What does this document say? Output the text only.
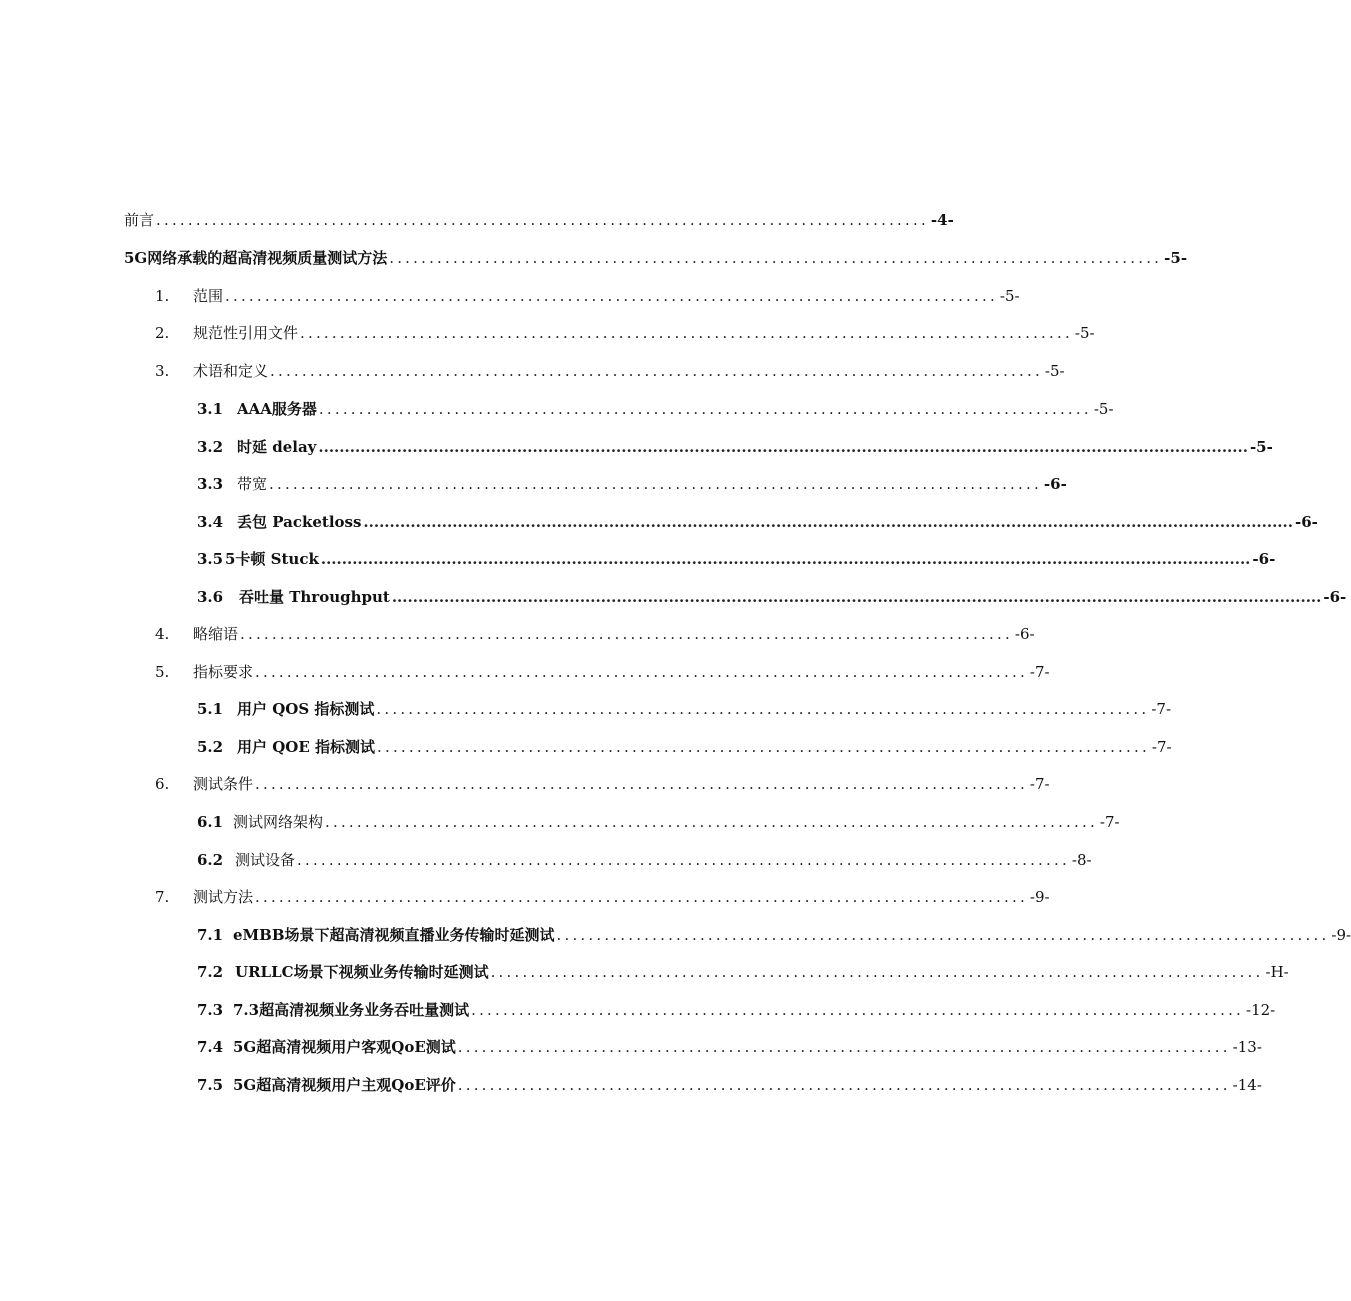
前言 ................................................................................................. -4-
5G网络承载的超高清视频质量测试方法 ................................................................................................. -5-
1.	范围 ................................................................................................. -5-
2.	规范性引用文件 ................................................................................................. -5-
3.	术语和定义 ................................................................................................. -5-
3.1 AAA服务器 ................................................................................................. -5-
3.2 时延 delay .................................................................................................................................................................................. -5-
3.3 带宽 ................................................................................................. -6-
3.4 丢包 Packetloss .................................................................................................................................................................................. -6-
3.5 5卡顿 Stuck .................................................................................................................................................................................. -6-
3.6	吞吐量 Throughput .................................................................................................................................................................................. -6-
4.	略缩语 ................................................................................................. -6-
5.	指标要求 ................................................................................................. -7-
5.1 用户 QOS 指标测试 ................................................................................................. -7-
5.2 用户 QOE 指标测试 ................................................................................................. -7-
6.	测试条件 ................................................................................................. -7-
6.1 测试网络架构 ................................................................................................. -7-
6.2 测试设备 ................................................................................................. -8-
7.	测试方法 ................................................................................................. -9-
7.1 eMBB场景下超高清视频直播业务传输时延测试 ................................................................................................. -9-
7.2 URLLC场景下视频业务传输时延测试 ................................................................................................. -H-
7.3 7.3超高清视频业务业务吞吐量测试 ................................................................................................. -12-
7.4 5G超高清视频用户客观QoE测试 ................................................................................................. -13-
7.5 5G超高清视频用户主观QoE评价 ................................................................................................. -14-
